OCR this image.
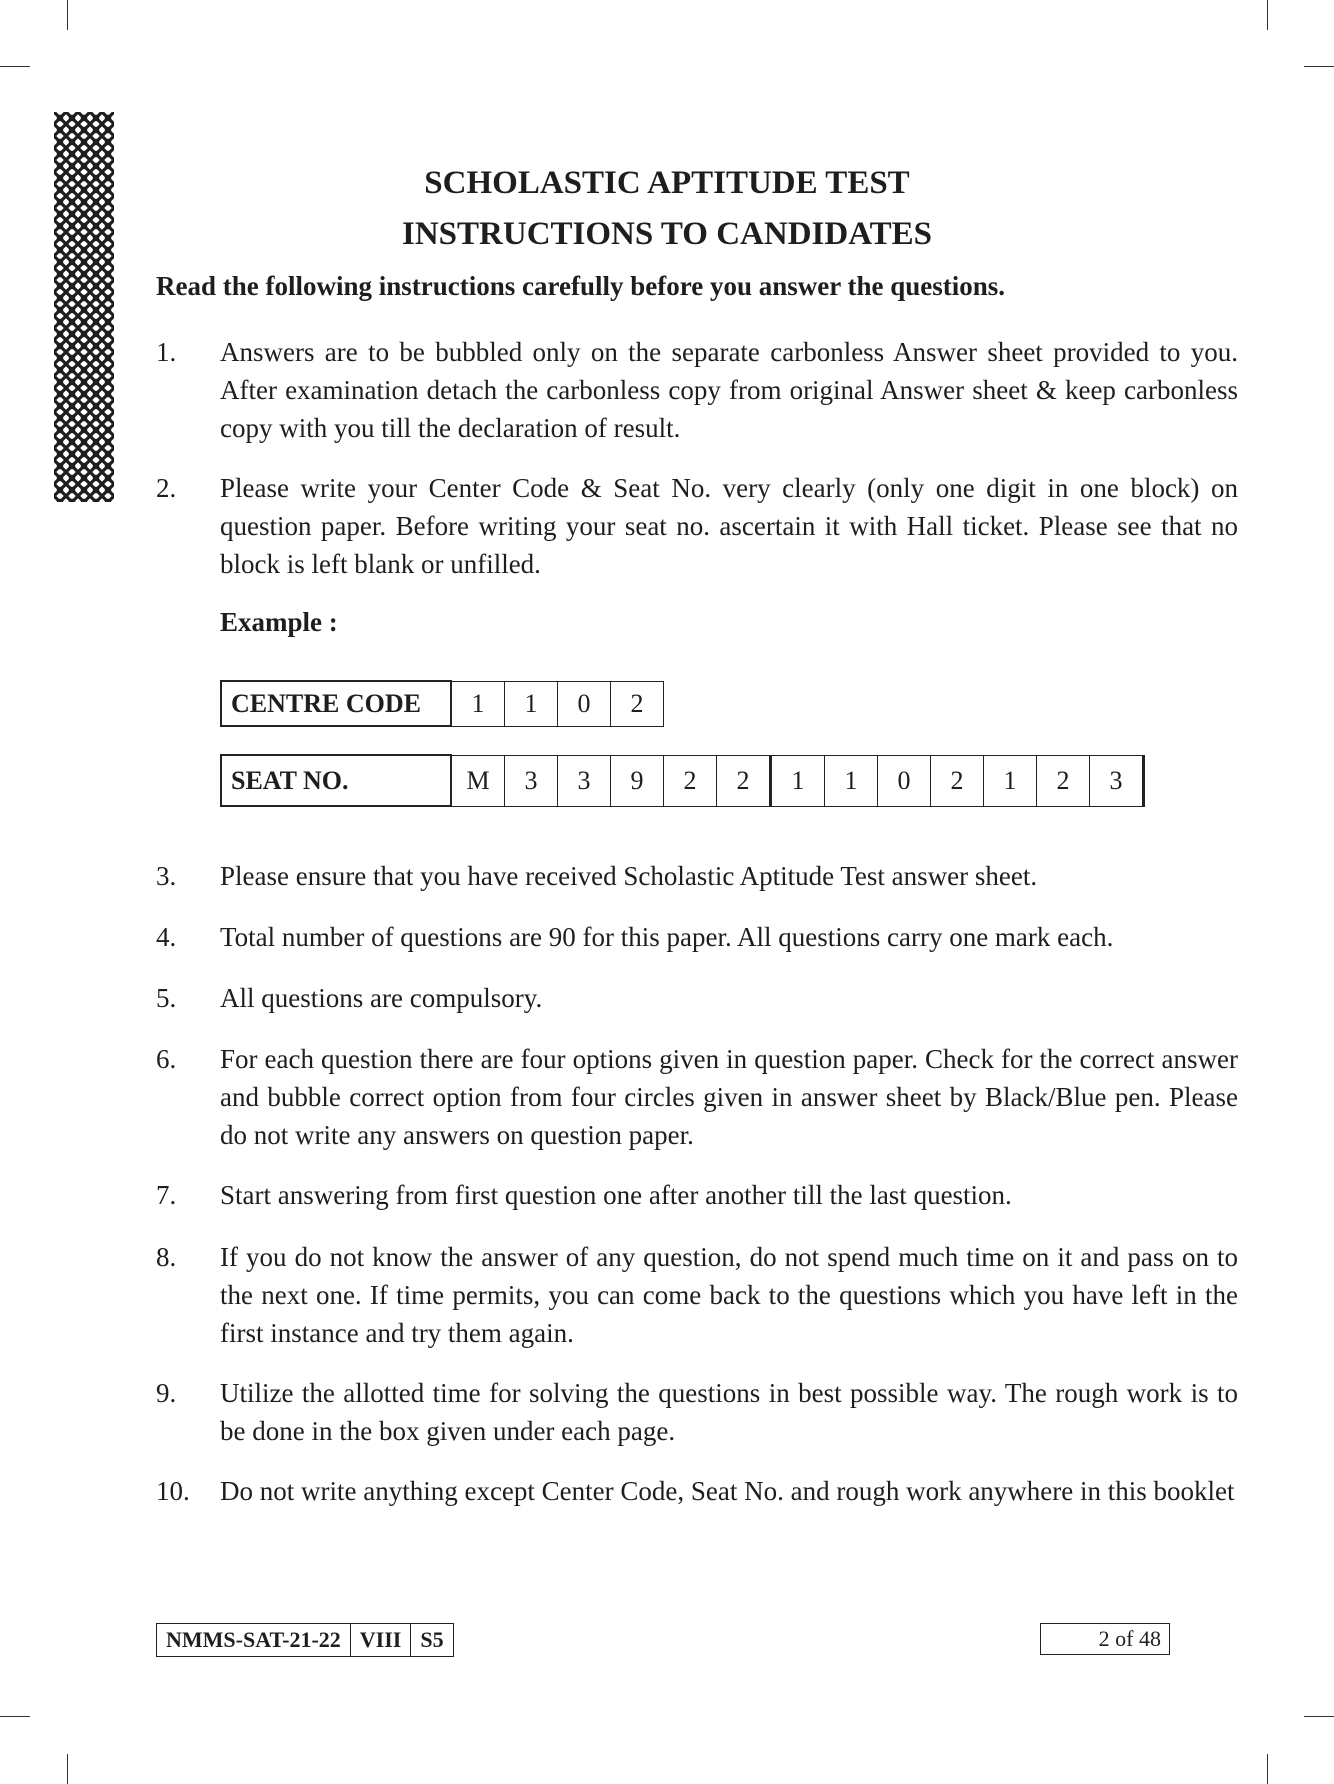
SCHOLASTIC APTITUDE TEST
INSTRUCTIONS TO CANDIDATES

Read the following instructions carefully before you answer the questions.

1. Answers are to be bubbled only on the separate carbonless Answer sheet provided to you. After examination detach the carbonless copy from original Answer sheet & keep carbonless copy with you till the declaration of result.

2. Please write your Center Code & Seat No. very clearly (only one digit in one block) on question paper. Before writing your seat no. ascertain it with Hall ticket. Please see that no block is left blank or unfilled.

Example :

CENTRE CODE	1	1	0	2
SEAT NO.	M	3	3	9	2	2	1	1	0	2	1	2	3
3. Please ensure that you have received Scholastic Aptitude Test answer sheet.

4. Total number of questions are 90 for this paper. All questions carry one mark each.

5. All questions are compulsory.

6. For each question there are four options given in question paper. Check for the correct answer and bubble correct option from four circles given in answer sheet by Black/Blue pen. Please do not write any answers on question paper.

7. Start answering from first question one after another till the last question.

8. If you do not know the answer of any question, do not spend much time on it and pass on to the next one. If time permits, you can come back to the questions which you have left in the first instance and try them again.

9. Utilize the allotted time for solving the questions in best possible way. The rough work is to be done in the box given under each page.

10. Do not write anything except Center Code, Seat No. and rough work anywhere in this booklet

NMMS-SAT-21-22	VIII	S5	2 of 48
